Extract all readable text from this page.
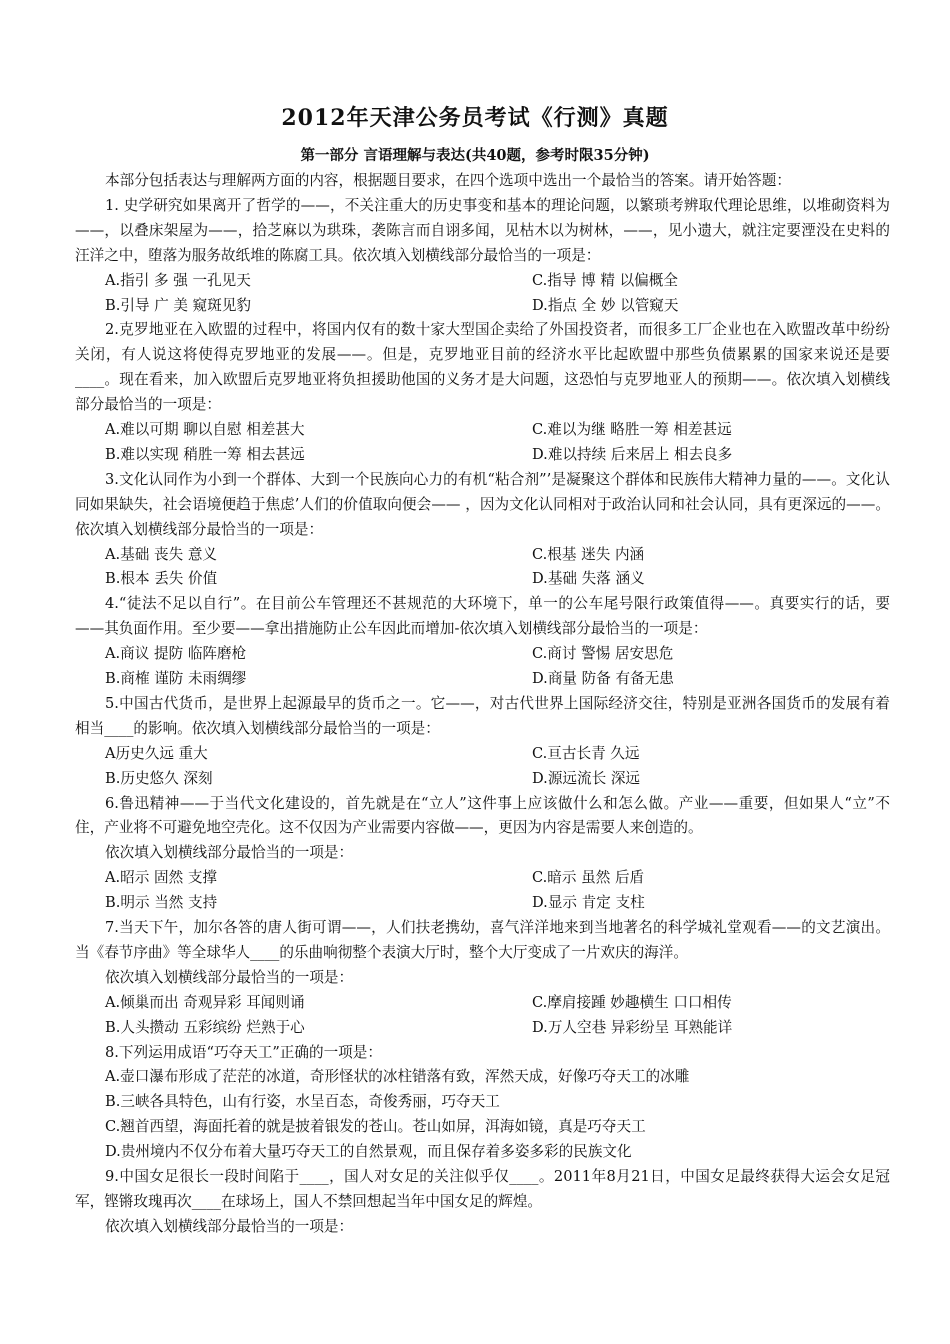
2012年天津公务员考试《行测》真题
第一部分 言语理解与表达(共40题，参考时限35分钟)

本部分包括表达与理解两方面的内容，根据题目要求，在四个选项中选出一个最恰当的答案。请开始答题：

1. 史学研究如果离开了哲学的——，不关注重大的历史事变和基本的理论问题，以繁琐考辨取代理论思维，以堆砌资料为——，以叠床架屋为——，拾芝麻以为珙珠，袭陈言而自诩多闻，见枯木以为树林，——，见小遗大，就注定要湮没在史料的汪洋之中，堕落为服务故纸堆的陈腐工具。依次填入划横线部分最恰当的一项是：

A.指引 多 强 一孔见天	C.指导 博 精 以偏概全
B.引导 广 美 窥斑见豹	D.指点 全 妙 以管窥天

2.克罗地亚在入欧盟的过程中，将国内仅有的数十家大型国企卖给了外国投资者，而很多工厂企业也在入欧盟改革中纷纷关闭，有人说这将使得克罗地亚的发展——。但是，克罗地亚目前的经济水平比起欧盟中那些负债累累的国家来说还是要____。现在看来，加入欧盟后克罗地亚将负担援助他国的义务才是大问题，这恐怕与克罗地亚人的预期——。依次填入划横线部分最恰当的一项是：

A.难以可期 聊以自慰 相差甚大	C.难以为继 略胜一筹 相差甚远
B.难以实现 稍胜一筹 相去甚远	D.难以持续 后来居上 相去良多

3.文化认同作为小到一个群体、大到一个民族向心力的有机“粘合剂”’是凝聚这个群体和民族伟大精神力量的——。文化认同如果缺失，社会语境便趋于焦虑’人们的价值取向便会—— ，因为文化认同相对于政治认同和社会认同，具有更深远的——。依次填入划横线部分最恰当的一项是：

A.基础 丧失 意义	C.根基 迷失 内涵
B.根本 丢失 价值	D.基础 失落 涵义

4.“徒法不足以自行”。在目前公车管理还不甚规范的大环境下，单一的公车尾号限行政策值得——。真要实行的话，要——其负面作用。至少要——拿出措施防止公车因此而增加-依次填入划横线部分最恰当的一项是：

A.商议 提防 临阵磨枪	C.商讨 警惕 居安思危
B.商榷 谨防 未雨绸缪	D.商量 防备 有备无患

5.中国古代货币，是世界上起源最早的货币之一。它——，对古代世界上国际经济交往，特别是亚洲各国货币的发展有着相当____的影响。依次填入划横线部分最恰当的一项是：

A历史久远 重大	C.亘古长青 久远
B.历史悠久 深刻	D.源远流长 深远

6.鲁迅精神——于当代文化建设的，首先就是在“立人”这件事上应该做什么和怎么做。产业——重要，但如果人“立”不住，产业将不可避免地空壳化。这不仅因为产业需要内容做——，更因为内容是需要人来创造的。

依次填入划横线部分最恰当的一项是：

A.昭示 固然 支撑	C.暗示 虽然 后盾
B.明示 当然 支持	D.显示 肯定 支柱

7.当天下午，加尔各答的唐人街可谓——，人们扶老携幼，喜气洋洋地来到当地著名的科学城礼堂观看——的文艺演出。当《春节序曲》等全球华人____的乐曲响彻整个表演大厅时，整个大厅变成了一片欢庆的海洋。

依次填入划横线部分最恰当的一项是：

A.倾巢而出 奇观异彩 耳闻则诵	C.摩肩接踵 妙趣横生 口口相传
B.人头攒动 五彩缤纷 烂熟于心	D.万人空巷 异彩纷呈 耳熟能详

8.下列运用成语“巧夺天工”正确的一项是：

A.壶口瀑布形成了茫茫的冰道，奇形怪状的冰柱错落有致，浑然天成，好像巧夺天工的冰雕
B.三峡各具特色，山有行姿，水呈百态，奇俊秀丽，巧夺天工
C.翘首西望，海面托着的就是披着银发的苍山。苍山如屏，洱海如镜，真是巧夺天工
D.贵州境内不仅分布着大量巧夺天工的自然景观，而且保存着多姿多彩的民族文化

9.中国女足很长一段时间陷于____，国人对女足的关注似乎仅____。2011年8月21日，中国女足最终获得大运会女足冠军，铿锵玫瑰再次____在球场上，国人不禁回想起当年中国女足的辉煌。

依次填入划横线部分最恰当的一项是：
